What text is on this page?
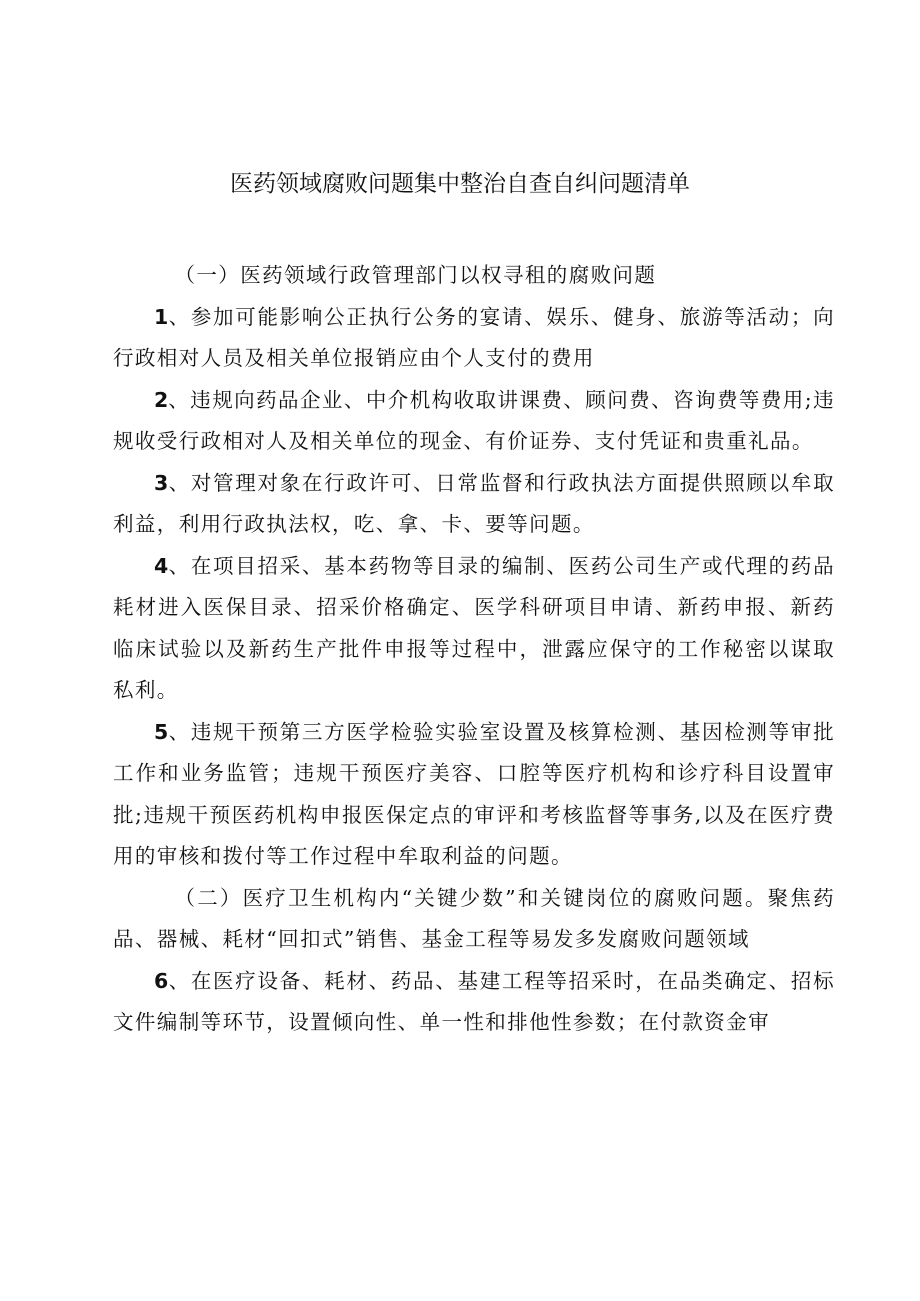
医药领域腐败问题集中整治自查自纠问题清单

（一）医药领域行政管理部门以权寻租的腐败问题

1、参加可能影响公正执行公务的宴请、娱乐、健身、旅游等活动；向行政相对人员及相关单位报销应由个人支付的费用

2、违规向药品企业、中介机构收取讲课费、顾问费、咨询费等费用;违规收受行政相对人及相关单位的现金、有价证券、支付凭证和贵重礼品。

3、对管理对象在行政许可、日常监督和行政执法方面提供照顾以牟取利益，利用行政执法权，吃、拿、卡、要等问题。

4、在项目招采、基本药物等目录的编制、医药公司生产或代理的药品耗材进入医保目录、招采价格确定、医学科研项目申请、新药申报、新药临床试验以及新药生产批件申报等过程中，泄露应保守的工作秘密以谋取私利。

5、违规干预第三方医学检验实验室设置及核算检测、基因检测等审批工作和业务监管；违规干预医疗美容、口腔等医疗机构和诊疗科目设置审批;违规干预医药机构申报医保定点的审评和考核监督等事务,以及在医疗费用的审核和拨付等工作过程中牟取利益的问题。

（二）医疗卫生机构内“关键少数”和关键岗位的腐败问题。聚焦药品、器械、耗材“回扣式”销售、基金工程等易发多发腐败问题领域

6、在医疗设备、耗材、药品、基建工程等招采时，在品类确定、招标文件编制等环节，设置倾向性、单一性和排他性参数；在付款资金审
